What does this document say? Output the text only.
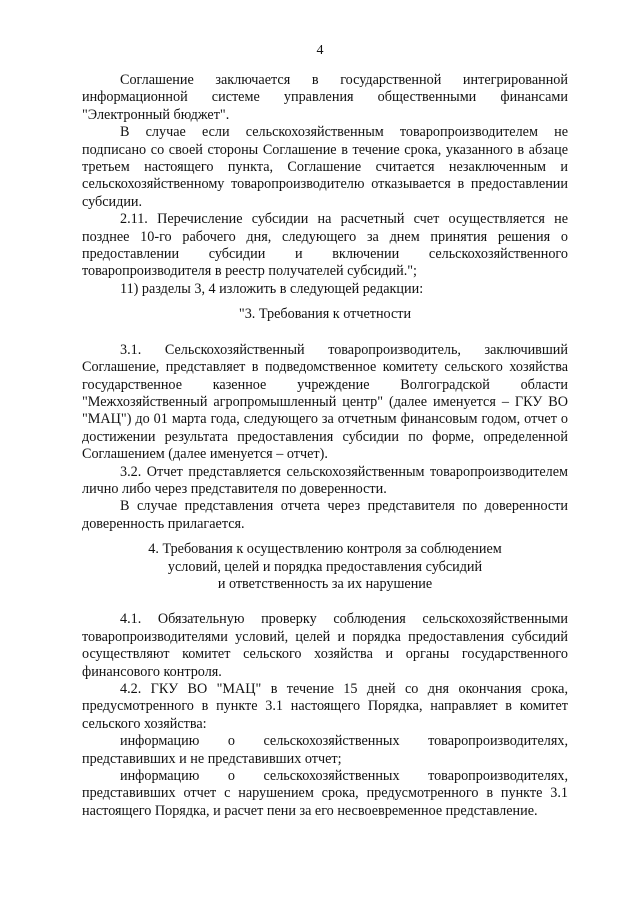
4

Соглашение заключается в государственной интегрированной информационной системе управления общественными финансами "Электронный бюджет".

В случае если сельскохозяйственным товаропроизводителем не подписано со своей стороны Соглашение в течение срока, указанного в абзаце третьем настоящего пункта, Соглашение считается незаключенным и сельскохозяйственному товаропроизводителю отказывается в предоставлении субсидии.

2.11. Перечисление субсидии на расчетный счет осуществляется не позднее 10-го рабочего дня, следующего за днем принятия решения о предоставлении субсидии и включении сельскохозяйственного товаропроизводителя в реестр получателей субсидий.";

11) разделы 3, 4 изложить в следующей редакции:

"3. Требования к отчетности

3.1. Сельскохозяйственный товаропроизводитель, заключивший Соглашение, представляет в подведомственное комитету сельского хозяйства государственное казенное учреждение Волгоградской области "Межхозяйственный агропромышленный центр" (далее именуется – ГКУ ВО "МАЦ") до 01 марта года, следующего за отчетным финансовым годом, отчет о достижении результата предоставления субсидии по форме, определенной Соглашением (далее именуется – отчет).

3.2. Отчет представляется сельскохозяйственным товаропроизводителем лично либо через представителя по доверенности.

В случае представления отчета через представителя по доверенности доверенность прилагается.

4. Требования к осуществлению контроля за соблюдением

условий, целей и порядка предоставления субсидий

и ответственность за их нарушение

4.1. Обязательную проверку соблюдения сельскохозяйственными товаропроизводителями условий, целей и порядка предоставления субсидий осуществляют комитет сельского хозяйства и органы государственного финансового контроля.

4.2. ГКУ ВО "МАЦ" в течение 15 дней со дня окончания срока, предусмотренного в пункте 3.1 настоящего Порядка, направляет в комитет сельского хозяйства:

информацию о сельскохозяйственных товаропроизводителях, представивших и не представивших отчет;

информацию о сельскохозяйственных товаропроизводителях, представивших отчет с нарушением срока, предусмотренного в пункте 3.1 настоящего Порядка, и расчет пени за его несвоевременное представление.
